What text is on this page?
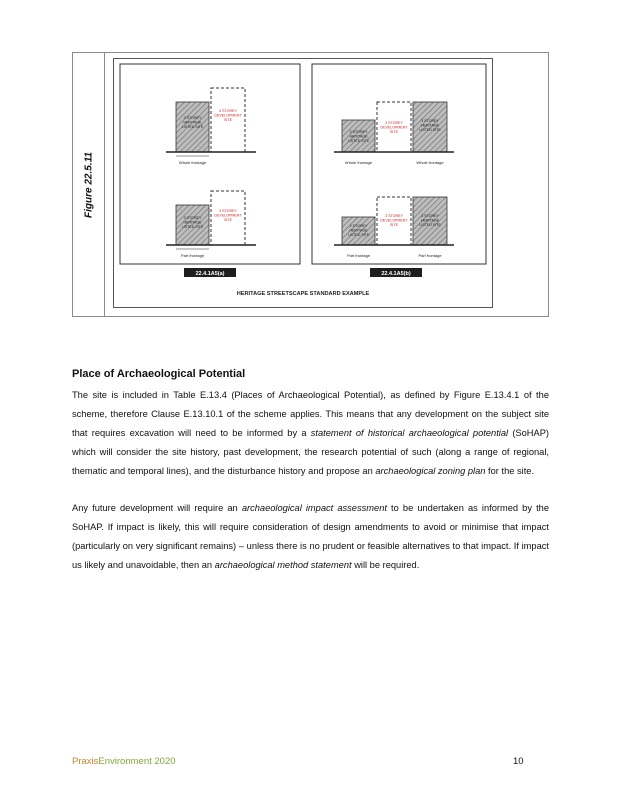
Figure 22.5.11
3 STOREY HERITAGE LISTED SITE
4 STOREY DEVELOPMENT SITE
Whole frontage
3 STOREY HERITAGE LISTED SITE
3 STOREY DEVELOPMENT SITE
Part frontage
2 STOREY HERITAGE LISTED SITE
3 STOREY DEVELOPMENT SITE
3 STOREY HERITAGE LISTED SITE
Whole frontage	Whole frontage
2 STOREY HERITAGE LISTED SITE
3 STOREY DEVELOPMENT SITE
3 STOREY HERITAGE LISTED SITE
Part frontage	Part frontage
22.4.1A5(a)	22.4.1A5(b)
HERITAGE STREETSCAPE STANDARD EXAMPLE
Place of Archaeological Potential

The site is included in Table E.13.4 (Places of Archaeological Potential), as defined by Figure E.13.4.1 of the scheme, therefore Clause E.13.10.1 of the scheme applies. This means that any development on the subject site that requires excavation will need to be informed by a statement of historical archaeological potential (SoHAP) which will consider the site history, past development, the research potential of such (along a range of regional, thematic and temporal lines), and the disturbance history and propose an archaeological zoning plan for the site.

Any future development will require an archaeological impact assessment to be undertaken as informed by the SoHAP. If impact is likely, this will require consideration of design amendments to avoid or minimise that impact (particularly on very significant remains) – unless there is no prudent or feasible alternatives to that impact. If impact us likely and unavoidable, then an archaeological method statement will be required.

PraxisEnvironment 2020	10
